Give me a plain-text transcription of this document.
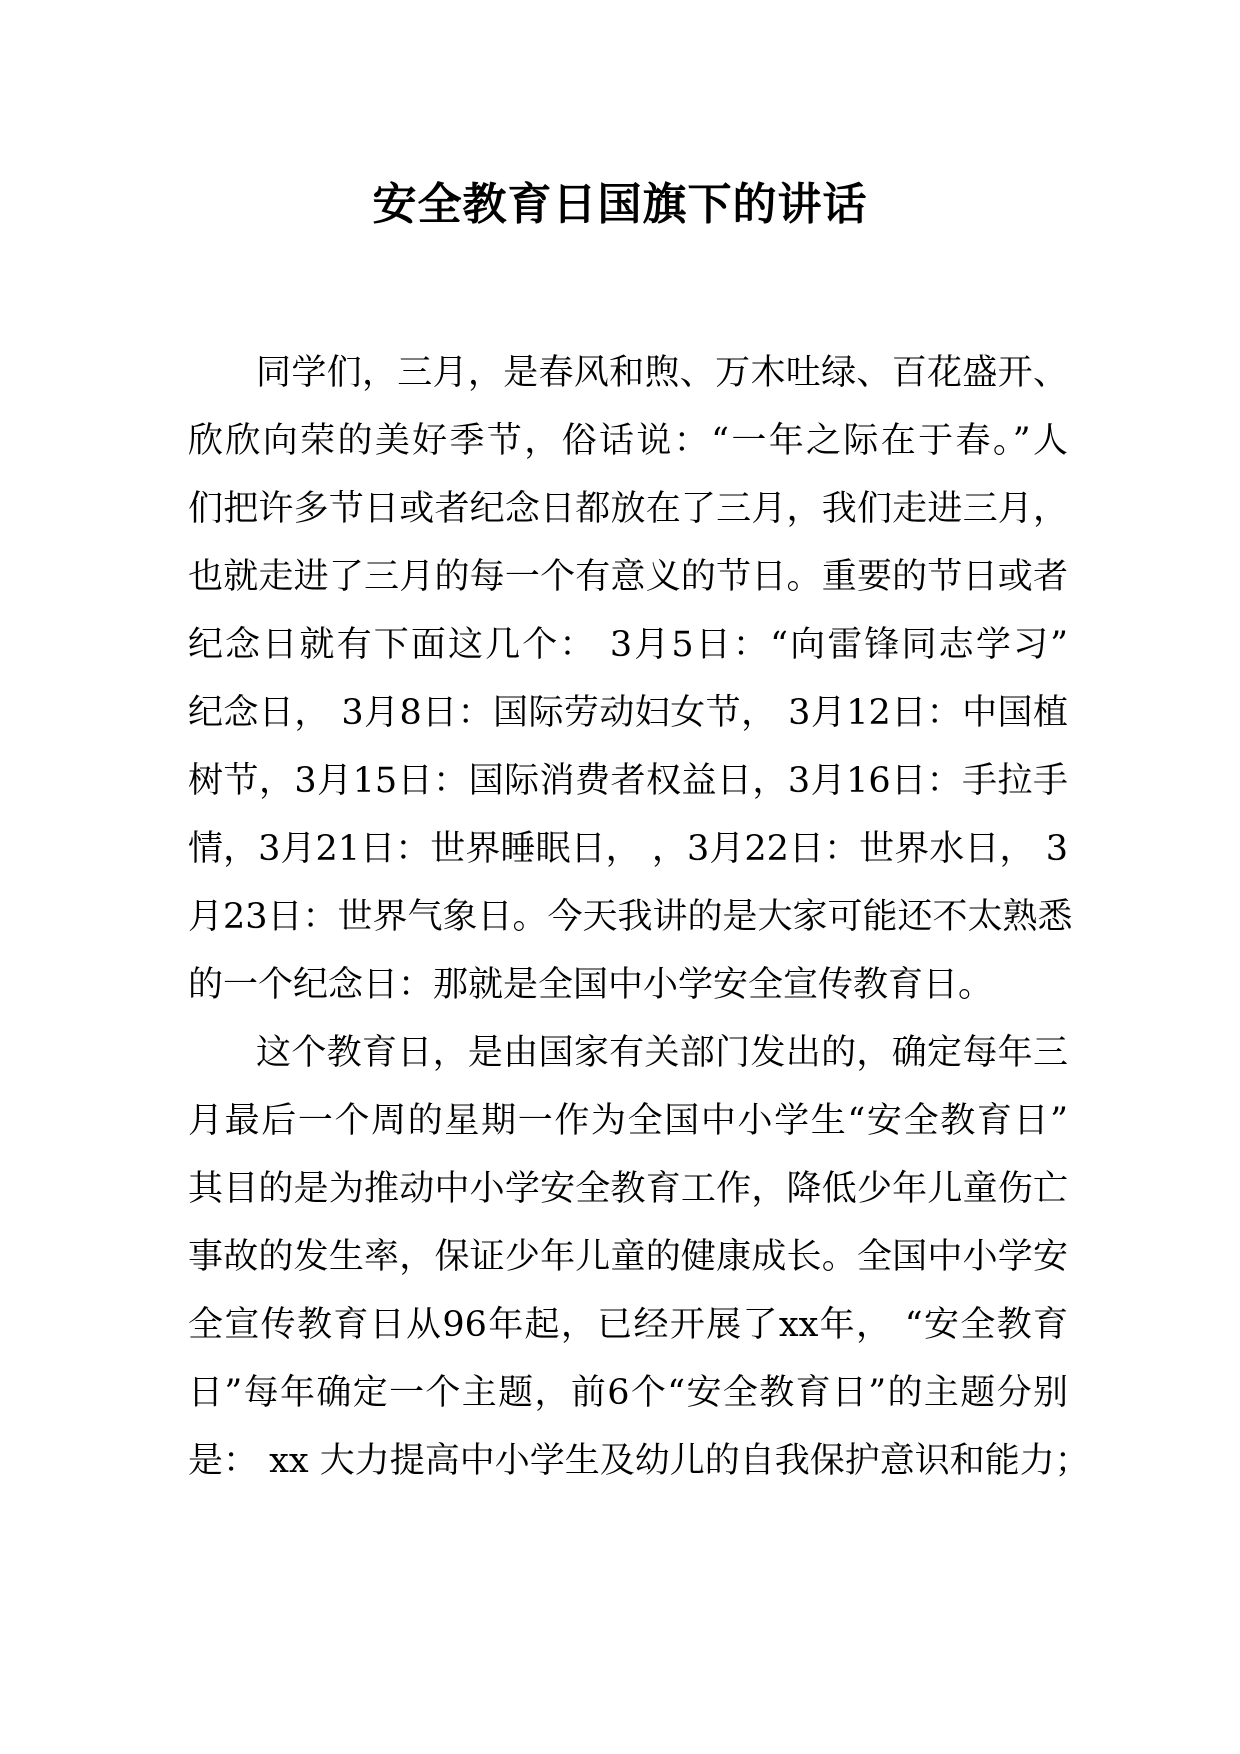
安全教育日国旗下的讲话
同学们，三月，是春风和煦、万木吐绿、百花盛开、
欣欣向荣的美好季节，俗话说：“一年之际在于春。”人
们把许多节日或者纪念日都放在了三月，我们走进三月，
也就走进了三月的每一个有意义的节日。重要的节日或者
纪念日就有下面这几个： 3月5日：“向雷锋同志学习”
纪念日， 3月8日：国际劳动妇女节， 3月12日：中国植
树节，3月15日：国际消费者权益日，3月16日：手拉手
情，3月21日：世界睡眠日， ，3月22日：世界水日， 3
月23日：世界气象日。今天我讲的是大家可能还不太熟悉
的一个纪念日：那就是全国中小学安全宣传教育日。
这个教育日，是由国家有关部门发出的，确定每年三
月最后一个周的星期一作为全国中小学生“安全教育日”
其目的是为推动中小学安全教育工作，降低少年儿童伤亡
事故的发生率，保证少年儿童的健康成长。全国中小学安
全宣传教育日从96年起，已经开展了xx年， “安全教育
日”每年确定一个主题，前6个“安全教育日”的主题分别
是： xx 大力提高中小学生及幼儿的自我保护意识和能力；
